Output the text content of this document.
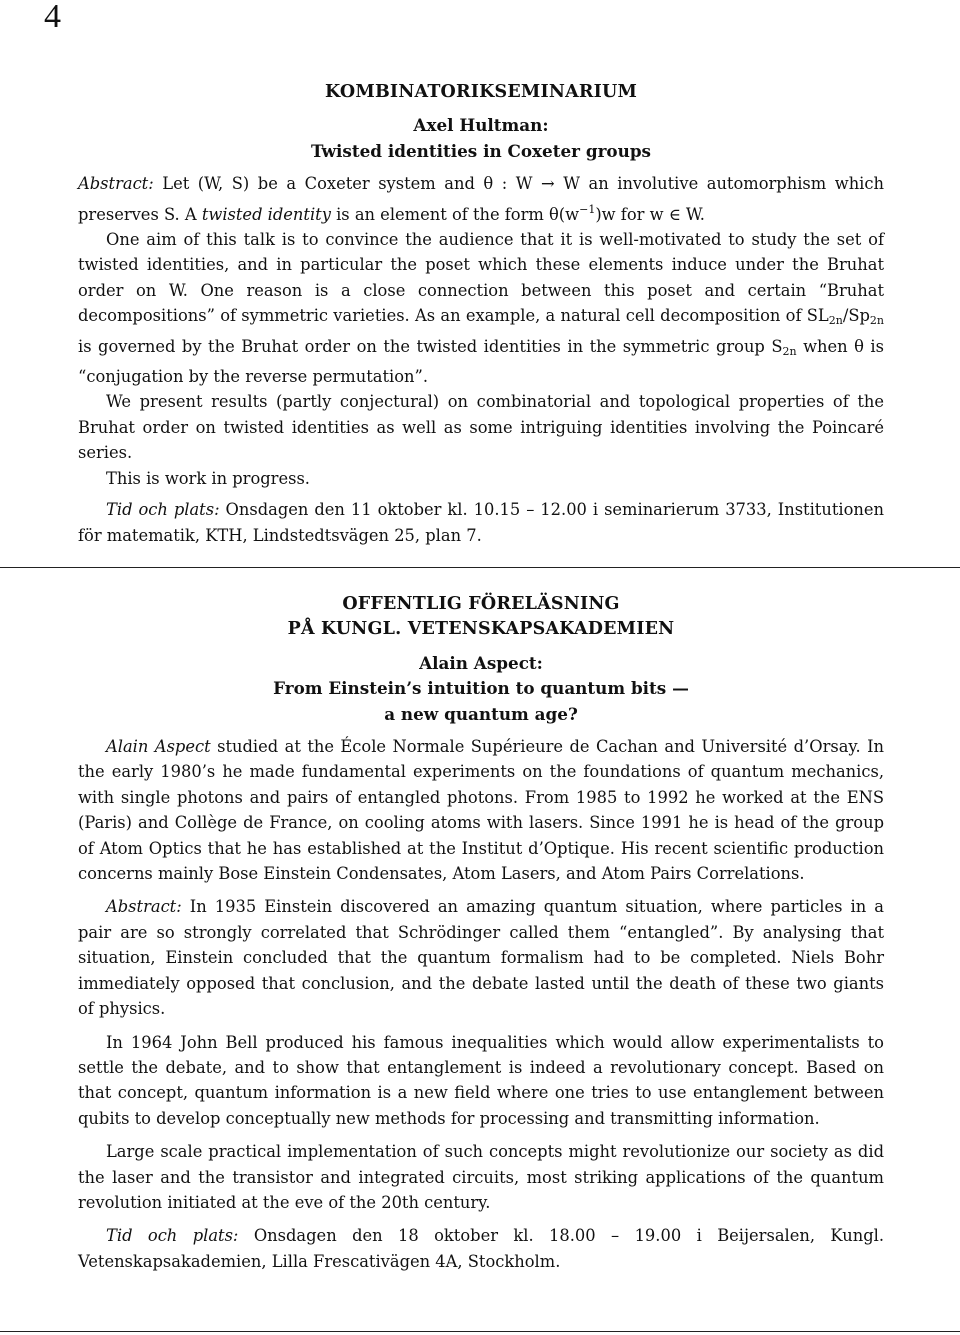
4
KOMBINATORIKSEMINARIUM
Axel Hultman:
Twisted identities in Coxeter groups

Abstract: Let (W, S) be a Coxeter system and θ : W → W an involutive automorphism which preserves S. A twisted identity is an element of the form $\theta(w^{-1})w$ for w ∈ W.

One aim of this talk is to convince the audience that it is well-motivated to study the set of twisted identities, and in particular the poset which these elements induce under the Bruhat order on W. One reason is a close connection between this poset and certain “Bruhat decompositions” of symmetric varieties. As an example, a natural cell decomposition of $SL_{2n}/Sp_{2n}$ is governed by the Bruhat order on the twisted identities in the symmetric group $S_{2n}$ when θ is “conjugation by the reverse permutation”.

We present results (partly conjectural) on combinatorial and topological properties of the Bruhat order on twisted identities as well as some intriguing identities involving the Poincaré series.

This is work in progress.

Tid och plats: Onsdagen den 11 oktober kl. 10.15 – 12.00 i seminarierum 3733, Institutionen för matematik, KTH, Lindstedtsvägen 25, plan 7.

OFFENTLIG FÖRELÄSNING
PÅ KUNGL. VETENSKAPSAKADEMIEN
Alain Aspect:
From Einstein’s intuition to quantum bits —
a new quantum age?

Alain Aspect studied at the École Normale Supérieure de Cachan and Université d’Orsay. In the early 1980’s he made fundamental experiments on the foundations of quantum mechanics, with single photons and pairs of entangled photons. From 1985 to 1992 he worked at the ENS (Paris) and Collège de France, on cooling atoms with lasers. Since 1991 he is head of the group of Atom Optics that he has established at the Institut d’Optique. His recent scientific production concerns mainly Bose Einstein Condensates, Atom Lasers, and Atom Pairs Correlations.

Abstract: In 1935 Einstein discovered an amazing quantum situation, where particles in a pair are so strongly correlated that Schrödinger called them “entangled”. By analysing that situation, Einstein concluded that the quantum formalism had to be completed. Niels Bohr immediately opposed that conclusion, and the debate lasted until the death of these two giants of physics.

In 1964 John Bell produced his famous inequalities which would allow experimentalists to settle the debate, and to show that entanglement is indeed a revolutionary concept. Based on that concept, quantum information is a new field where one tries to use entanglement between qubits to develop conceptually new methods for processing and transmitting information.

Large scale practical implementation of such concepts might revolutionize our society as did the laser and the transistor and integrated circuits, most striking applications of the quantum revolution initiated at the eve of the 20th century.

Tid och plats: Onsdagen den 18 oktober kl. 18.00 – 19.00 i Beijersalen, Kungl. Vetenskapsakademien, Lilla Frescativägen 4A, Stockholm.
